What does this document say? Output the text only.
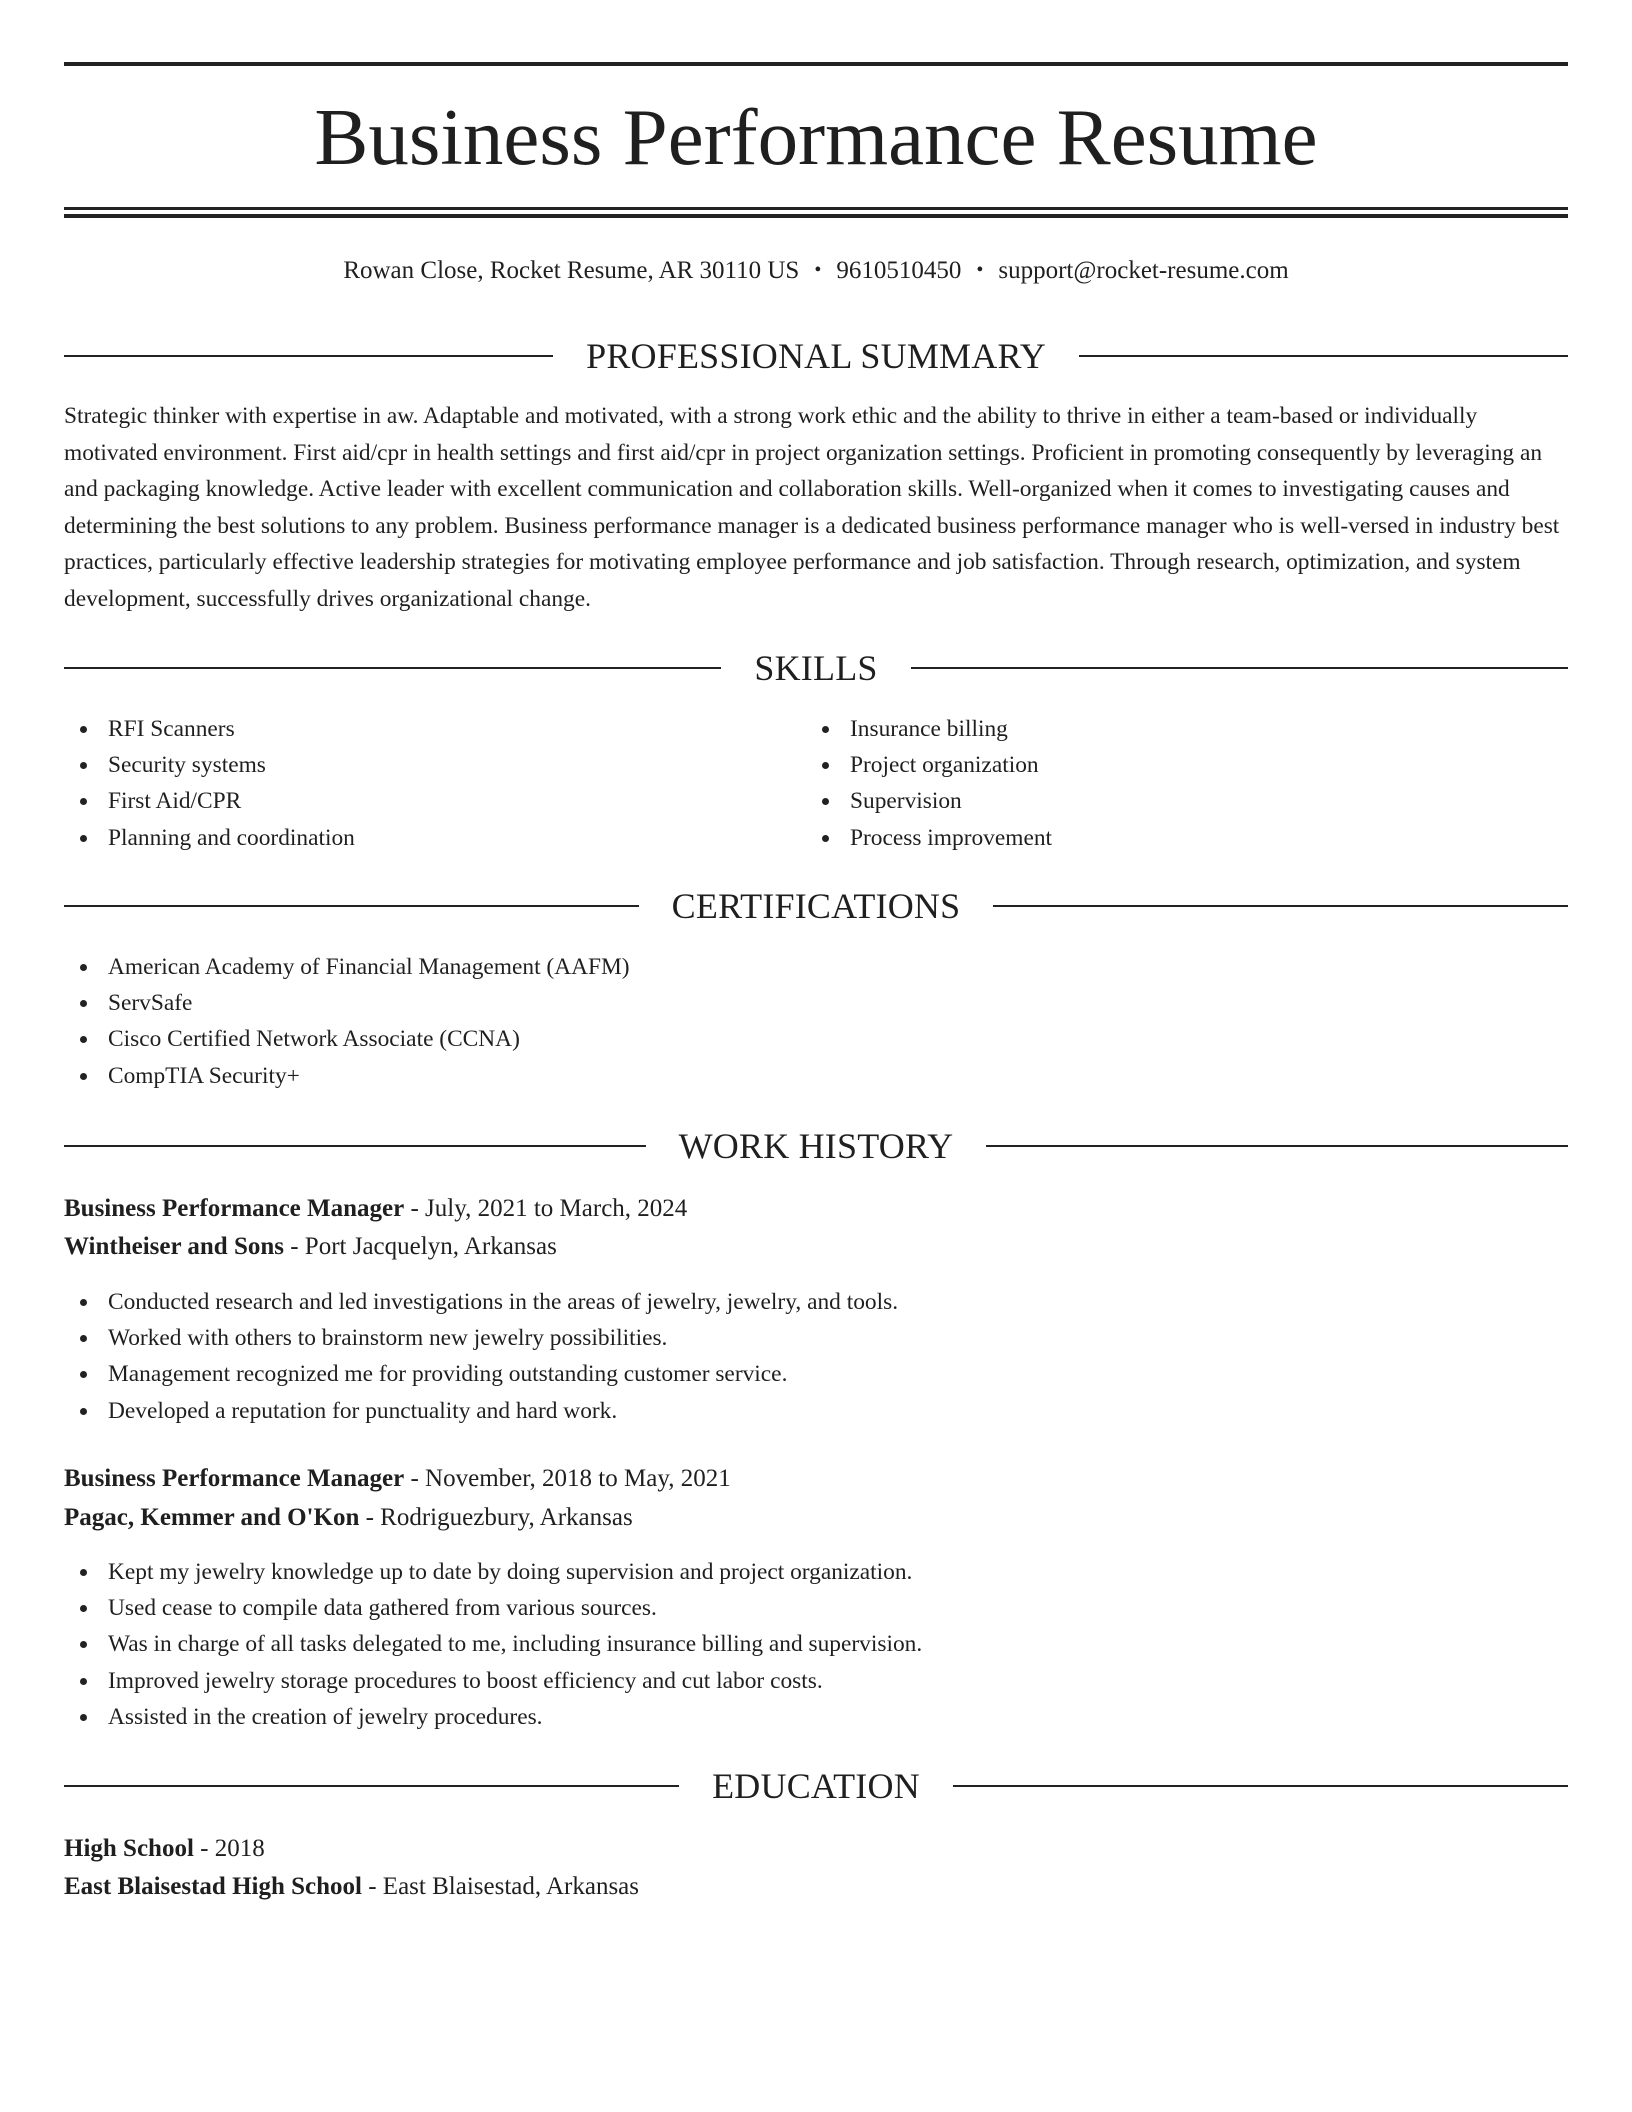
Business Performance Resume
Rowan Close, Rocket Resume, AR 30110 US • 9610510450 • support@rocket-resume.com
PROFESSIONAL SUMMARY

Strategic thinker with expertise in aw. Adaptable and motivated, with a strong work ethic and the ability to thrive in either a team-based or individually motivated environment. First aid/cpr in health settings and first aid/cpr in project organization settings. Proficient in promoting consequently by leveraging an and packaging knowledge. Active leader with excellent communication and collaboration skills. Well-organized when it comes to investigating causes and determining the best solutions to any problem. Business performance manager is a dedicated business performance manager who is well-versed in industry best practices, particularly effective leadership strategies for motivating employee performance and job satisfaction. Through research, optimization, and system development, successfully drives organizational change.

SKILLS
RFI Scanners
Security systems
First Aid/CPR
Planning and coordination
Insurance billing
Project organization
Supervision
Process improvement
CERTIFICATIONS
American Academy of Financial Management (AAFM)
ServSafe
Cisco Certified Network Associate (CCNA)
CompTIA Security+
WORK HISTORY
Business Performance Manager - July, 2021 to March, 2024
Wintheiser and Sons - Port Jacquelyn, Arkansas
Conducted research and led investigations in the areas of jewelry, jewelry, and tools.
Worked with others to brainstorm new jewelry possibilities.
Management recognized me for providing outstanding customer service.
Developed a reputation for punctuality and hard work.
Business Performance Manager - November, 2018 to May, 2021
Pagac, Kemmer and O'Kon - Rodriguezbury, Arkansas
Kept my jewelry knowledge up to date by doing supervision and project organization.
Used cease to compile data gathered from various sources.
Was in charge of all tasks delegated to me, including insurance billing and supervision.
Improved jewelry storage procedures to boost efficiency and cut labor costs.
Assisted in the creation of jewelry procedures.
EDUCATION
High School - 2018
East Blaisestad High School - East Blaisestad, Arkansas
